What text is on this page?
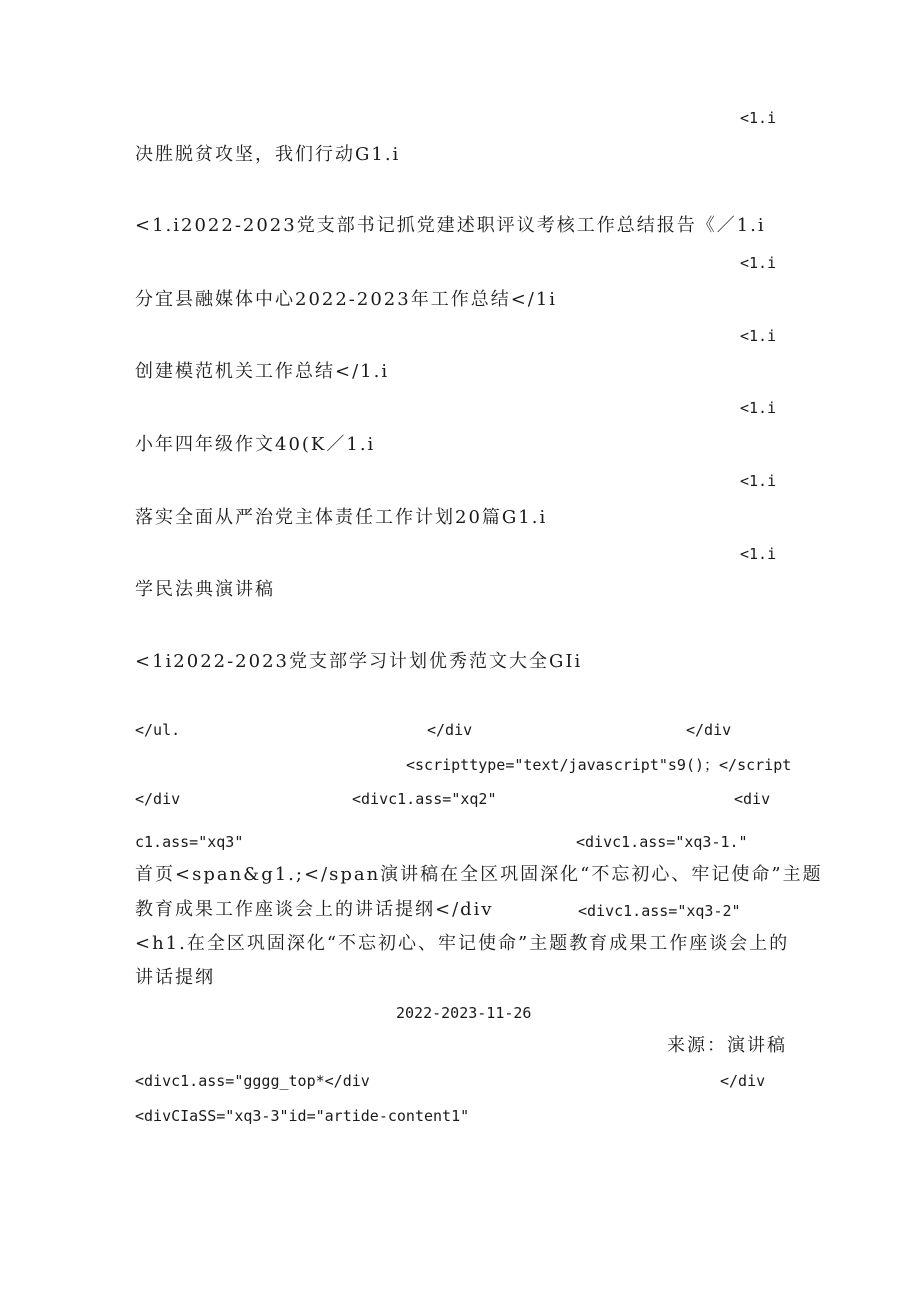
<1.i
决胜脱贫攻坚，我们行动G1.i
<1.i2022-2023党支部书记抓党建述职评议考核工作总结报告《／1.i
<1.i
分宜县融媒体中心2022-2023年工作总结</1i
<1.i
创建模范机关工作总结</1.i
<1.i
小年四年级作文40(K／1.i
<1.i
落实全面从严治党主体责任工作计划20篇G1.i
<1.i
学民法典演讲稿
<1i2022-2023党支部学习计划优秀范文大全GIi
</ul.	</div	</div
<scripttype="text/javascript"s9()；</script
</div	<divc1.ass="xq2"	<div
c1.ass="xq3"	<divc1.ass="xq3-1."
首页<span&g1.;</span演讲稿在全区巩固深化“不忘初心、牢记使命”主题
教育成果工作座谈会上的讲话提纲</div	<divc1.ass="xq3-2"
<h1.在全区巩固深化“不忘初心、牢记使命”主题教育成果工作座谈会上的
讲话提纲
2022-2023-11-26
来源：演讲稿
<divc1.ass="gggg_top*</div	</div
<divCIaSS="xq3-3"id="artide-content1"
